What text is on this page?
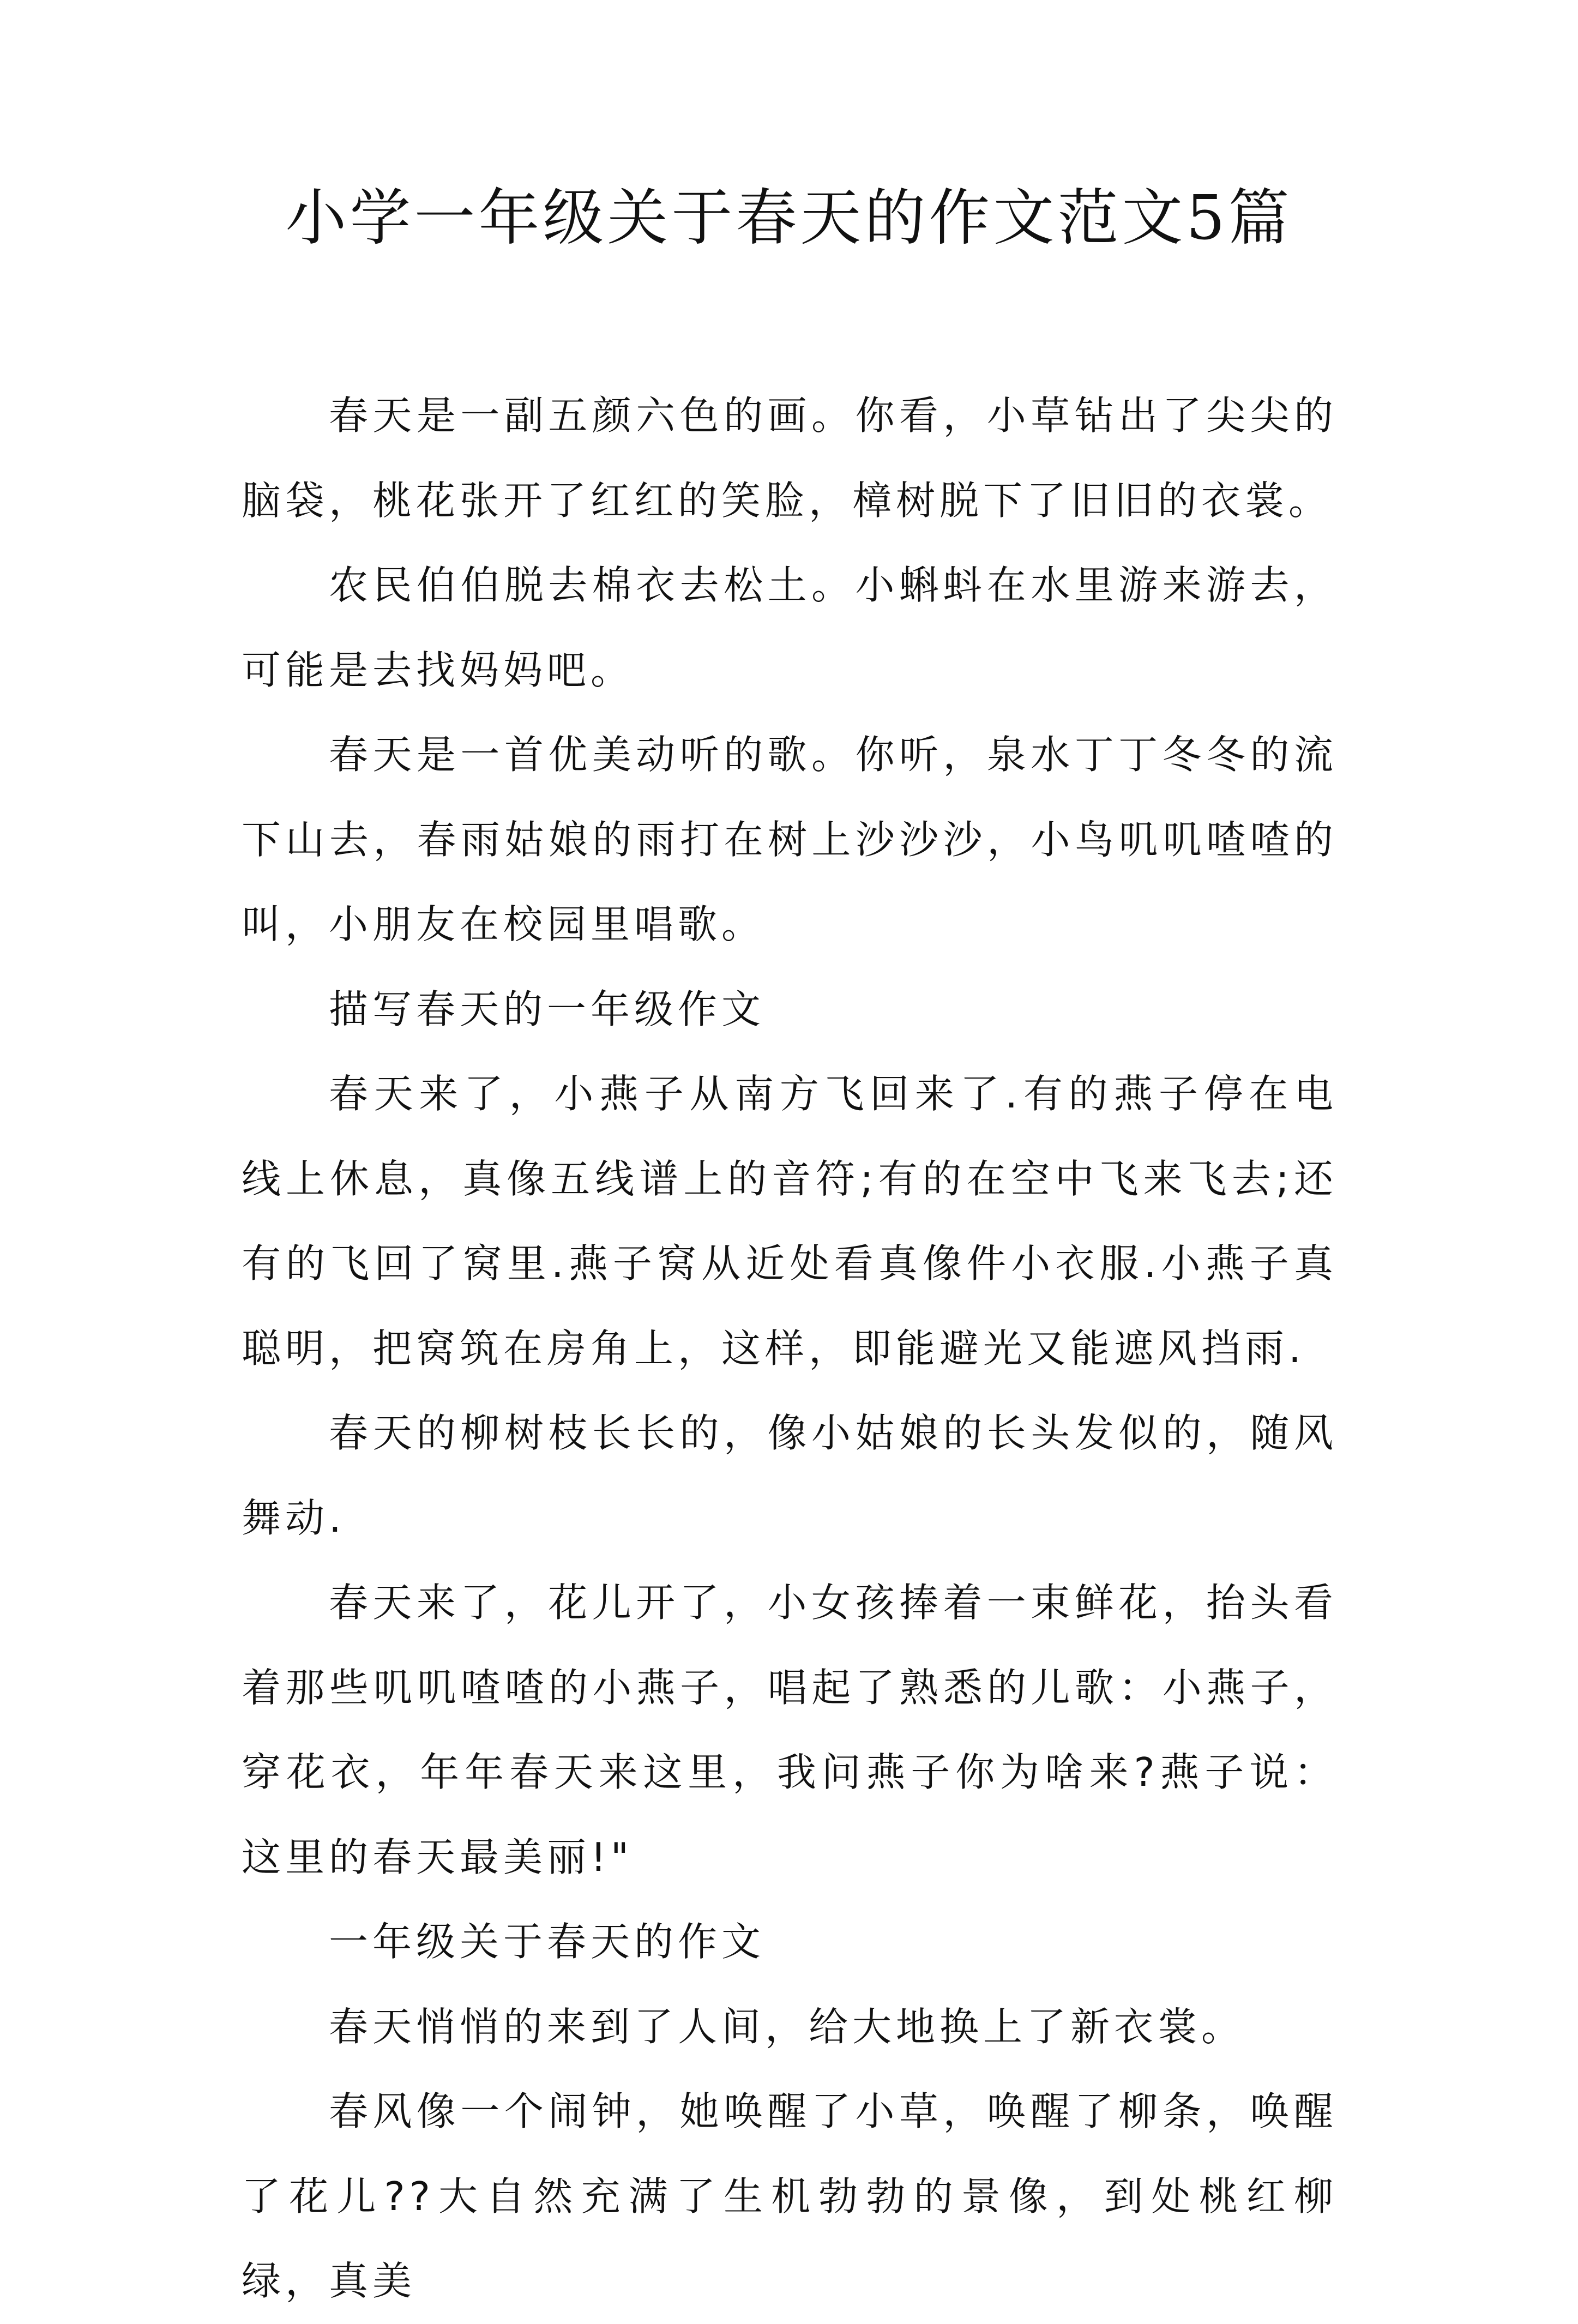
小学一年级关于春天的作文范文5篇

春天是一副五颜六色的画。你看，小草钻出了尖尖的脑袋，桃花张开了红红的笑脸，樟树脱下了旧旧的衣裳。

农民伯伯脱去棉衣去松土。小蝌蚪在水里游来游去，可能是去找妈妈吧。

春天是一首优美动听的歌。你听，泉水丁丁冬冬的流下山去，春雨姑娘的雨打在树上沙沙沙，小鸟叽叽喳喳的叫，小朋友在校园里唱歌。

描写春天的一年级作文

春天来了，小燕子从南方飞回来了.有的燕子停在电线上休息，真像五线谱上的音符;有的在空中飞来飞去;还有的飞回了窝里.燕子窝从近处看真像件小衣服.小燕子真聪明，把窝筑在房角上，这样，即能避光又能遮风挡雨.

春天的柳树枝长长的，像小姑娘的长头发似的，随风舞动.

春天来了，花儿开了，小女孩捧着一束鲜花，抬头看着那些叽叽喳喳的小燕子，唱起了熟悉的儿歌：小燕子，穿花衣，年年春天来这里，我问燕子你为啥来?燕子说：这里的春天最美丽!"

一年级关于春天的作文

春天悄悄的来到了人间，给大地换上了新衣裳。

春风像一个闹钟，她唤醒了小草，唤醒了柳条，唤醒了花儿??大自然充满了生机勃勃的景像，到处桃红柳绿，真美
